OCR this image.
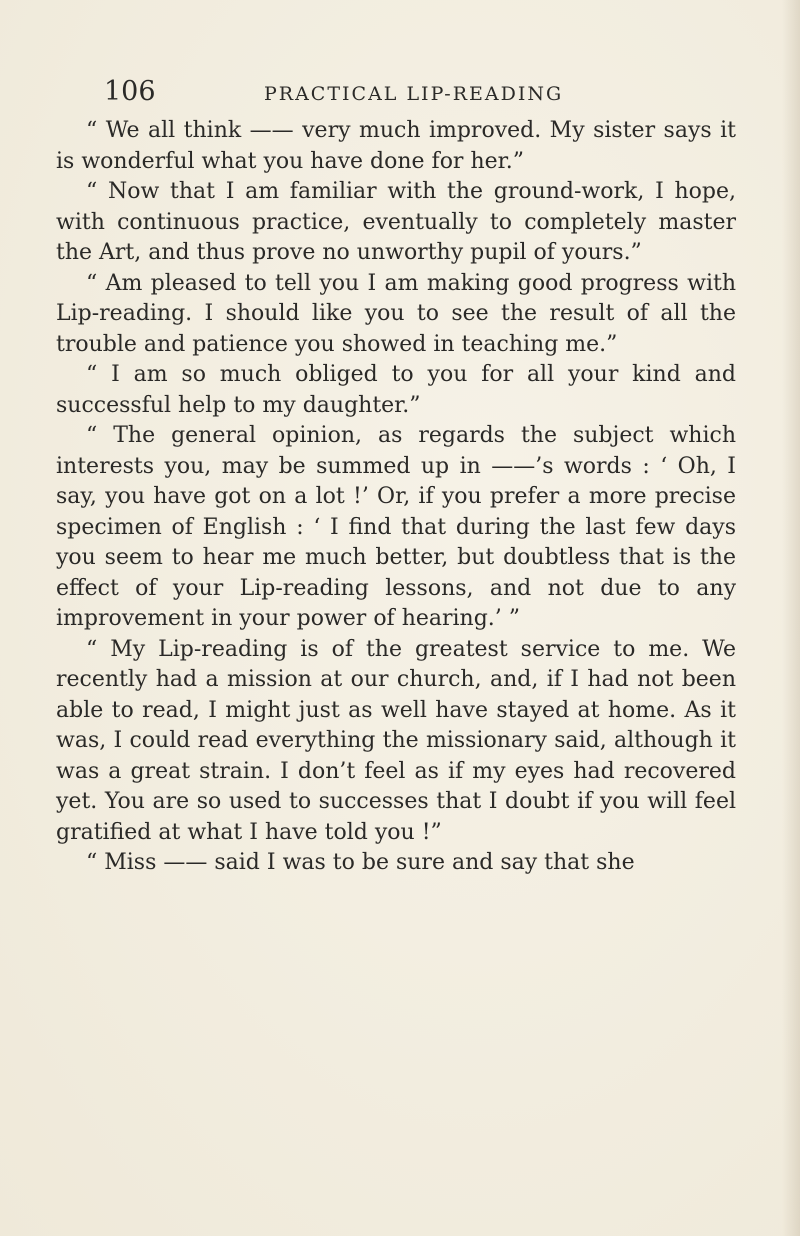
106	PRACTICAL LIP-READING

“ We all think —— very much improved. My sister says it is wonderful what you have done for her.”

“ Now that I am familiar with the ground-work, I hope, with continuous practice, eventually to completely master the Art, and thus prove no unworthy pupil of yours.”

“ Am pleased to tell you I am making good progress with Lip-reading. I should like you to see the result of all the trouble and patience you showed in teaching me.”

“ I am so much obliged to you for all your kind and successful help to my daughter.”

“ The general opinion, as regards the subject which interests you, may be summed up in ——’s words : ‘ Oh, I say, you have got on a lot !’ Or, if you prefer a more precise specimen of English : ‘ I find that during the last few days you seem to hear me much better, but doubtless that is the effect of your Lip-reading lessons, and not due to any improvement in your power of hearing.’ ”

“ My Lip-reading is of the greatest service to me. We recently had a mission at our church, and, if I had not been able to read, I might just as well have stayed at home. As it was, I could read everything the missionary said, although it was a great strain. I don’t feel as if my eyes had recovered yet. You are so used to successes that I doubt if you will feel gratified at what I have told you !”

“ Miss —— said I was to be sure and say that she
